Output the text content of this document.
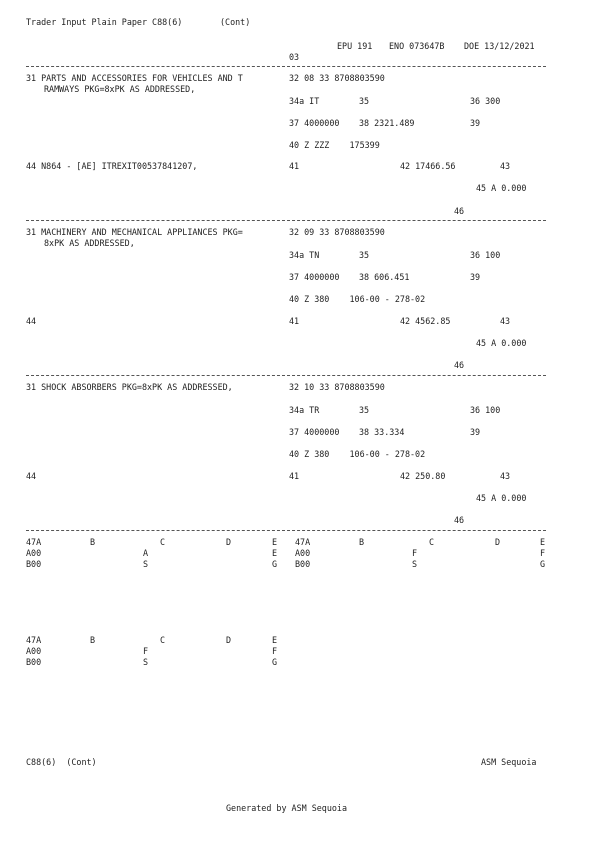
Trader Input Plain Paper C88(6)	(Cont)
EPU 191 ENO 073647B DOE 13/12/2021
03
31 PARTS AND ACCESSORIES FOR VEHICLES AND T
RAMWAYS PKG=8xPK AS ADDRESSED,
32 08 33 8708803590
34a IT	35	36 300
37 4000000 38 2321.489	39
40 Z ZZZ    175399
44 N864 - [AE] ITREXIT00537841207,	41	42 17466.56	43
45 A 0.000
46
31 MACHINERY AND MECHANICAL APPLIANCES PKG=
8xPK AS ADDRESSED,
32 09 33 8708803590
34a TN	35	36 100
37 4000000 38 606.451	39
40 Z 380    106-00 - 278-02
44	41	42 4562.85	43
45 A 0.000
46
31 SHOCK ABSORBERS PKG=8xPK AS ADDRESSED,	32 10 33 8708803590
34a TR	35	36 100
37 4000000 38 33.334	39
40 Z 380    106-00 - 278-02
44	41	42 250.80	43
45 A 0.000
46
47A	B	C	D	E
A00	A	E
B00	S	G
47A	B	C	D	E
A00	F	F
B00	S	G
47A	B	C	D	E
A00	F	F
B00	S	G
C88(6)  (Cont)	ASM Sequoia
Generated by ASM Sequoia
